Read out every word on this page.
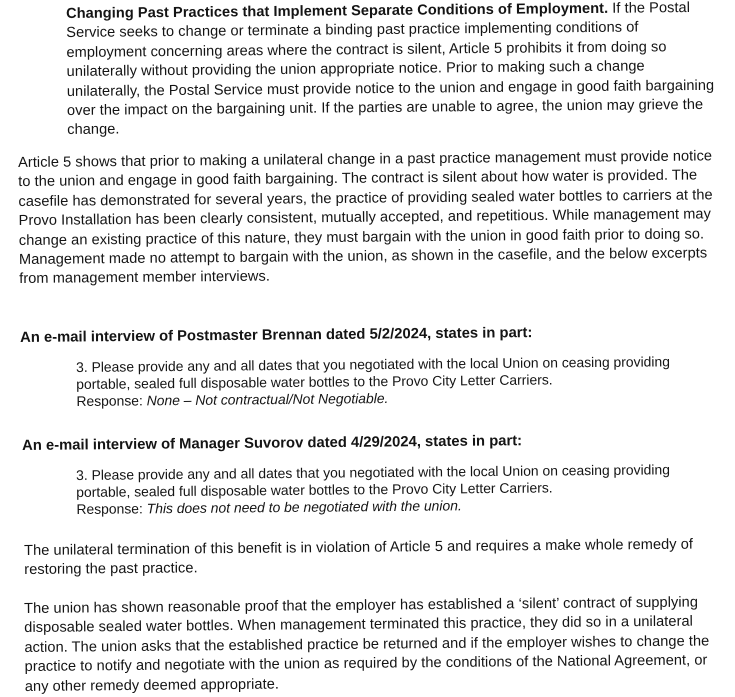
Changing Past Practices that Implement Separate Conditions of Employment. If the Postal Service seeks to change or terminate a binding past practice implementing conditions of employment concerning areas where the contract is silent, Article 5 prohibits it from doing so unilaterally without providing the union appropriate notice. Prior to making such a change unilaterally, the Postal Service must provide notice to the union and engage in good faith bargaining over the impact on the bargaining unit. If the parties are unable to agree, the union may grieve the change.
Article 5 shows that prior to making a unilateral change in a past practice management must provide notice to the union and engage in good faith bargaining. The contract is silent about how water is provided. The casefile has demonstrated for several years, the practice of providing sealed water bottles to carriers at the Provo Installation has been clearly consistent, mutually accepted, and repetitious. While management may change an existing practice of this nature, they must bargain with the union in good faith prior to doing so. Management made no attempt to bargain with the union, as shown in the casefile, and the below excerpts from management member interviews.
An e-mail interview of Postmaster Brennan dated 5/2/2024, states in part:
3. Please provide any and all dates that you negotiated with the local Union on ceasing providing portable, sealed full disposable water bottles to the Provo City Letter Carriers.
Response: None – Not contractual/Not Negotiable.
An e-mail interview of Manager Suvorov dated 4/29/2024, states in part:
3. Please provide any and all dates that you negotiated with the local Union on ceasing providing portable, sealed full disposable water bottles to the Provo City Letter Carriers.
Response: This does not need to be negotiated with the union.
The unilateral termination of this benefit is in violation of Article 5 and requires a make whole remedy of restoring the past practice.
The union has shown reasonable proof that the employer has established a ‘silent’ contract of supplying disposable sealed water bottles. When management terminated this practice, they did so in a unilateral action. The union asks that the established practice be returned and if the employer wishes to change the practice to notify and negotiate with the union as required by the conditions of the National Agreement, or any other remedy deemed appropriate.
